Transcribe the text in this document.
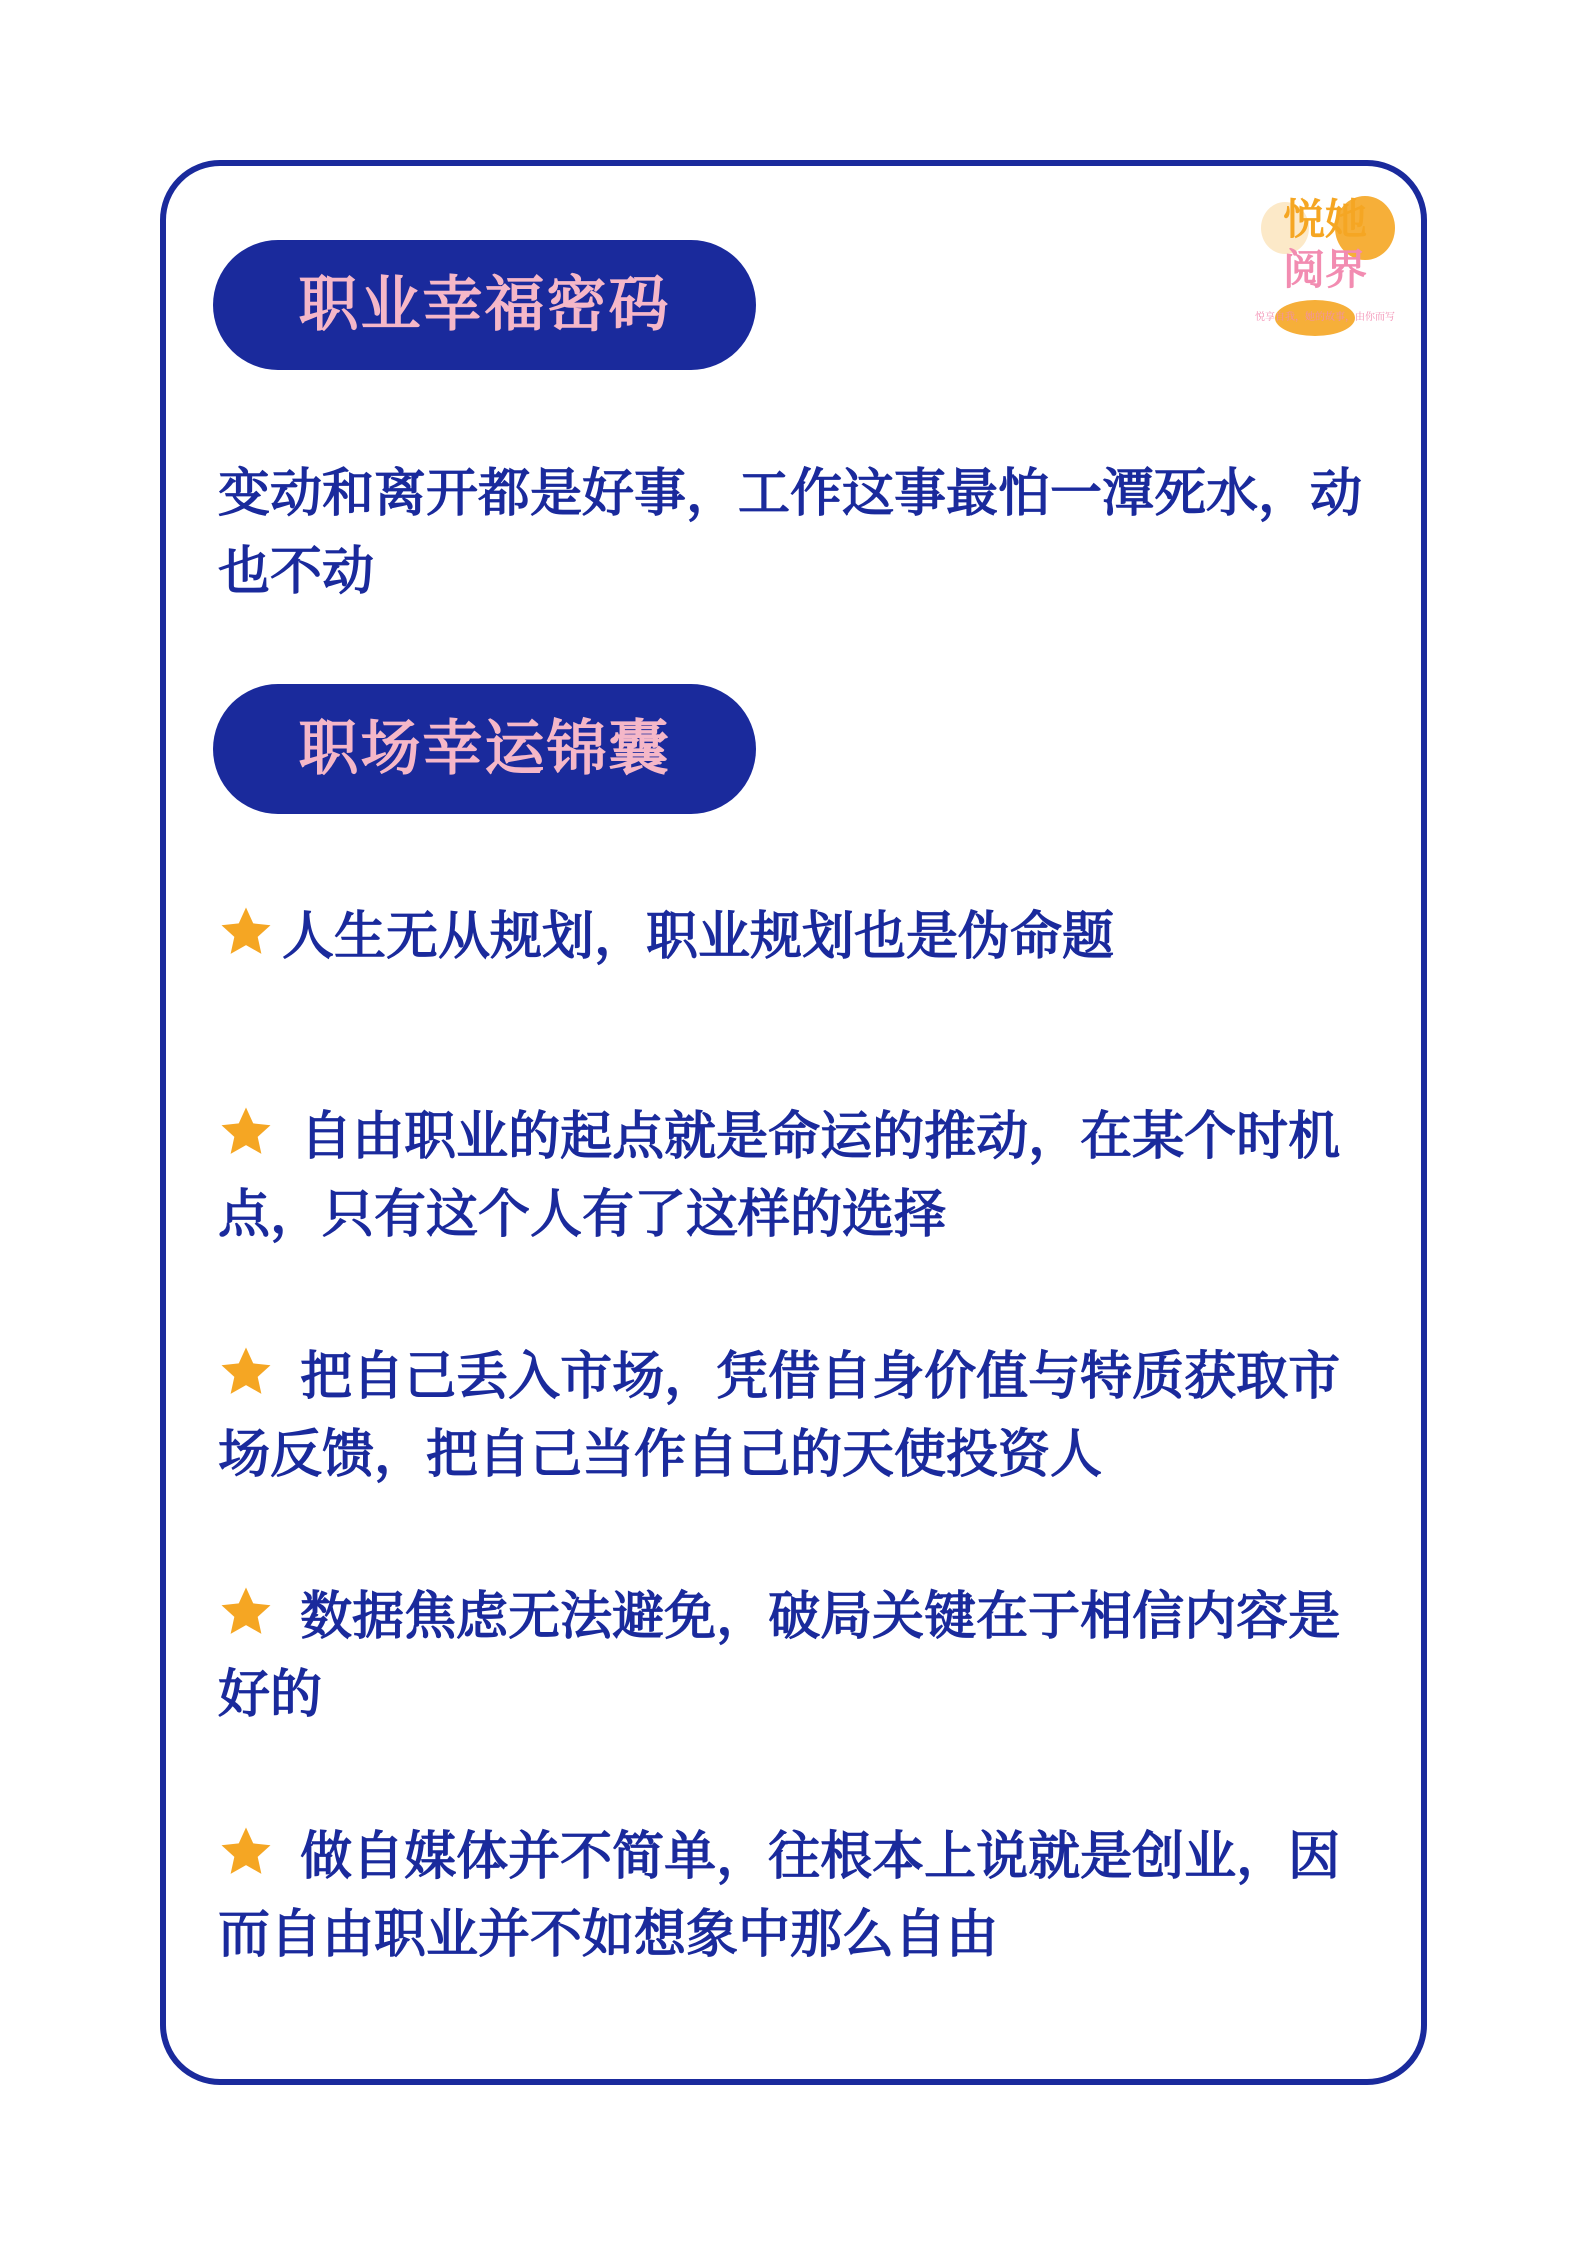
悦她
阅界
悦享自我，她的故事，由你而写
职业幸福密码

变动和离开都是好事，工作这事最怕一潭死水，动也不动

职场幸运锦囊

人生无从规划，职业规划也是伪命题

自由职业的起点就是命运的推动，在某个时机点，只有这个人有了这样的选择

把自己丢入市场，凭借自身价值与特质获取市场反馈，把自己当作自己的天使投资人

数据焦虑无法避免，破局关键在于相信内容是好的

做自媒体并不简单，往根本上说就是创业，因而自由职业并不如想象中那么自由
